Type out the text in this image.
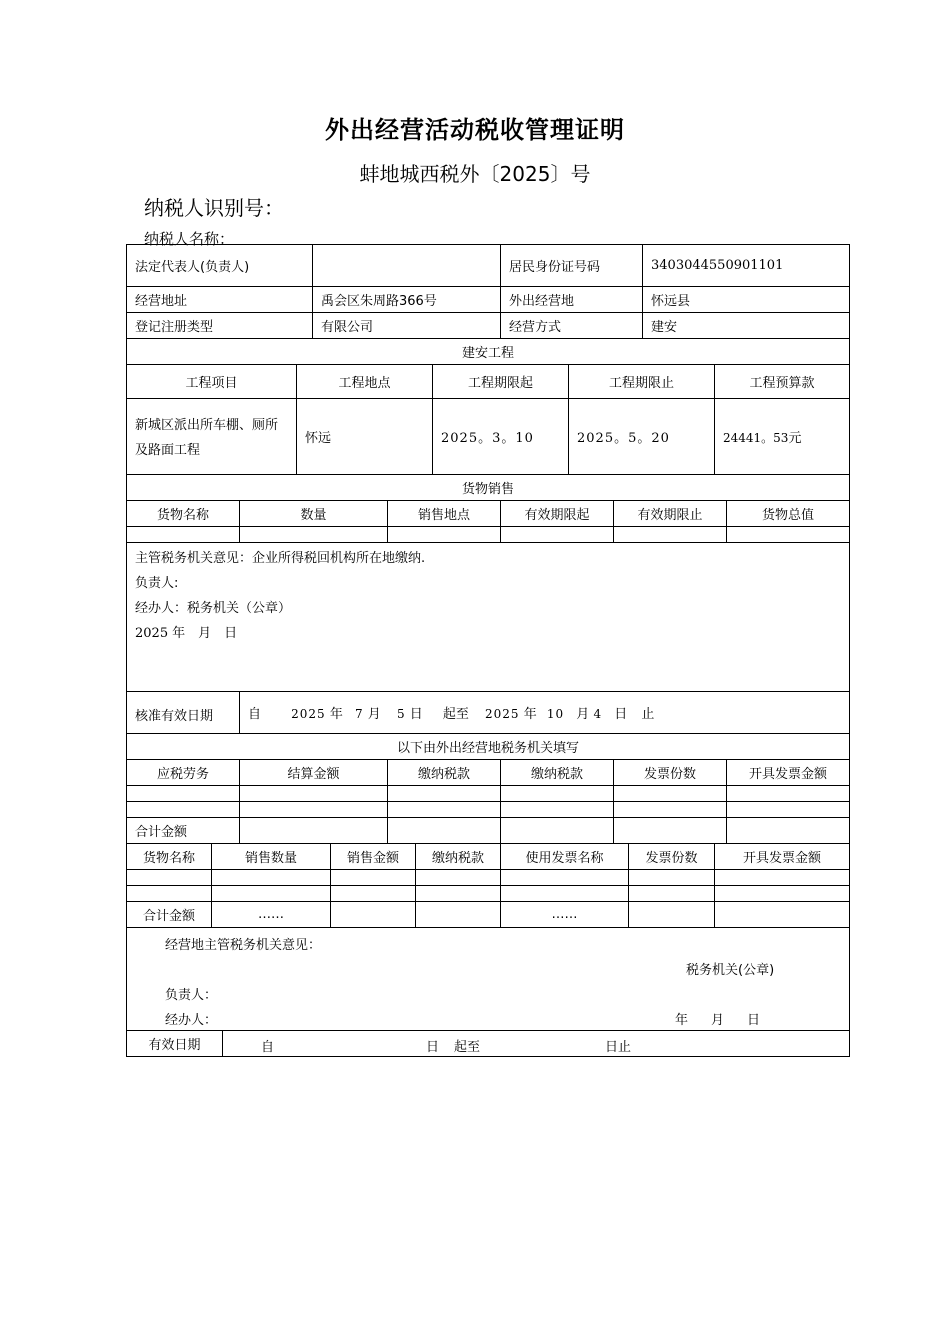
外出经营活动税收管理证明
蚌地城西税外〔2025〕号
纳税人识别号：
纳税人名称：
法定代表人(负责人)		居民身份证号码	3403044550901101
经营地址	禹会区朱周路366号	外出经营地	怀远县
登记注册类型	有限公司	经营方式	建安
建安工程			
工程项目	工程地点	工程期限起	工程期限止	工程预算款
新城区派出所车棚、厕所及路面工程	怀远	2025。3。10	2025。5。20	24441。53元
货物销售				
货物名称	数量	销售地点	有效期限起	有效期限止	货物总值

主管税务机关意见：企业所得税回机构所在地缴纳.
负责人:
经办人：税务机关（公章）
2025 年　月　日

核准有效日期	自	2025 年 7 月 5 日 起至 2025 年 10 月 4 日 止
以下由外出经营地税务机关填写
应税劳务	结算金额	缴纳税款	缴纳税款	发票份数	开具发票金额

合计金额					
货物名称	销售数量	销售金额	缴纳税款	使用发票名称	发票份数	开具发票金额

合计金额	……			……		
经营地主管税务机关意见：
税务机关(公章)
负责人：
经办人：	年 月 日
有效日期	自	日 起至	日止
